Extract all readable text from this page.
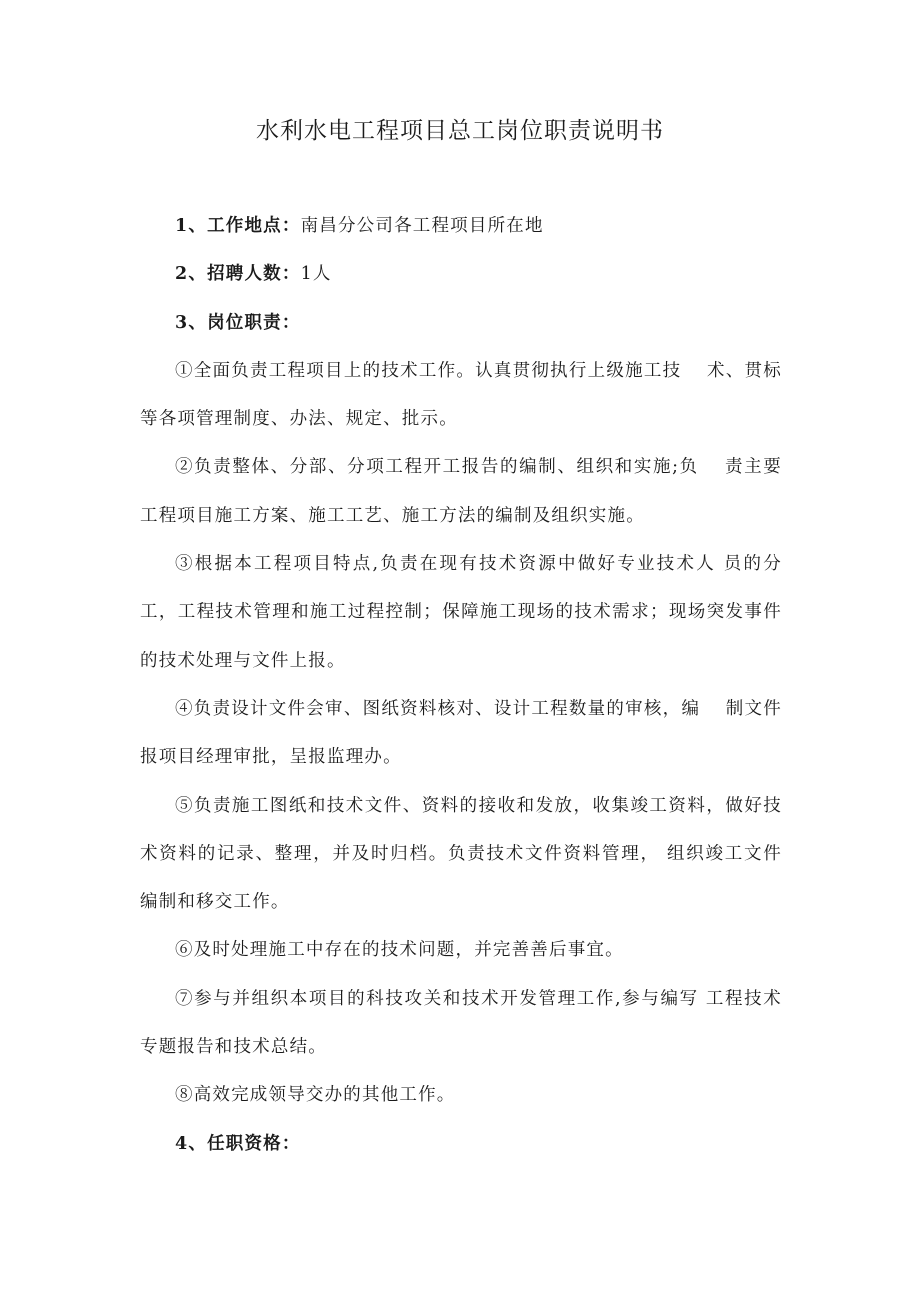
水利水电工程项目总工岗位职责说明书

1、工作地点：南昌分公司各工程项目所在地

2、招聘人数：1人

3、岗位职责：

①全面负责工程项目上的技术工作。认真贯彻执行上级施工技　 术、贯标等各项管理制度、办法、规定、批示。

②负责整体、分部、分项工程开工报告的编制、组织和实施;负　 责主要工程项目施工方案、施工工艺、施工方法的编制及组织实施。

③根据本工程项目特点,负责在现有技术资源中做好专业技术人 员的分工，工程技术管理和施工过程控制；保障施工现场的技术需求；现场突发事件的技术处理与文件上报。

④负责设计文件会审、图纸资料核对、设计工程数量的审核，编　 制文件报项目经理审批，呈报监理办。

⑤负责施工图纸和技术文件、资料的接收和发放，收集竣工资料，做好技术资料的记录、整理，并及时归档。负责技术文件资料管理， 组织竣工文件编制和移交工作。

⑥及时处理施工中存在的技术问题，并完善善后事宜。

⑦参与并组织本项目的科技攻关和技术开发管理工作,参与编写 工程技术专题报告和技术总结。

⑧高效完成领导交办的其他工作。

4、任职资格：
